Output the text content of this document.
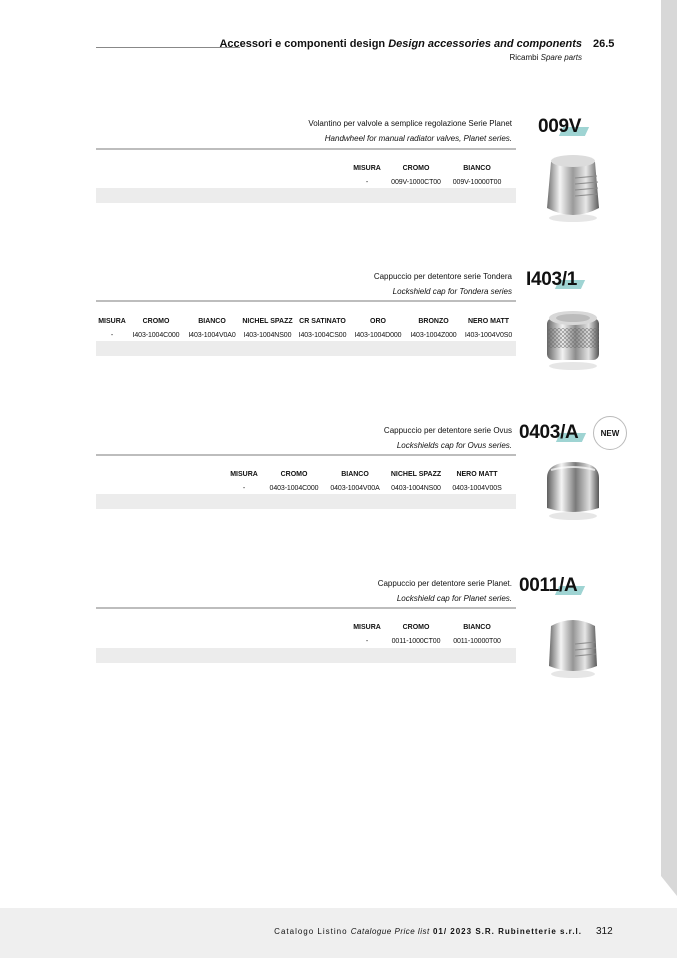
Accessori e componenti design Design accessories and components 26.5
Ricambi Spare parts
Volantino per valvole a semplice regolazione Serie Planet
Handwheel for manual radiator valves, Planet series.
009V
MISURA	CROMO	BIANCO
-	009V-1000CT00	009V-10000T00
Cappuccio per detentore serie Tondera
Lockshield cap for Tondera series
I403/1
MISURA	CROMO	BIANCO	NICHEL SPAZZ	CR SATINATO	ORO	BRONZO	NERO MATT
-	I403-1004C000	I403-1004V0A0	I403-1004NS00	I403-1004CS00	I403-1004D000	I403-1004Z000	I403-1004V0S0
Cappuccio per detentore serie Ovus
Lockshields cap for Ovus series.
0403/A	NEW
MISURA	CROMO	BIANCO	NICHEL SPAZZ	NERO MATT
-	0403-1004C000	0403-1004V00A	0403-1004NS00	0403-1004V00S
Cappuccio per detentore serie Planet.
Lockshield cap for Planet series.
0011/A
MISURA	CROMO	BIANCO
-	0011-1000CT00	0011-10000T00
Catalogo Listino Catalogue Price list 01/ 2023 S.R. Rubinetterie s.r.l. 312
